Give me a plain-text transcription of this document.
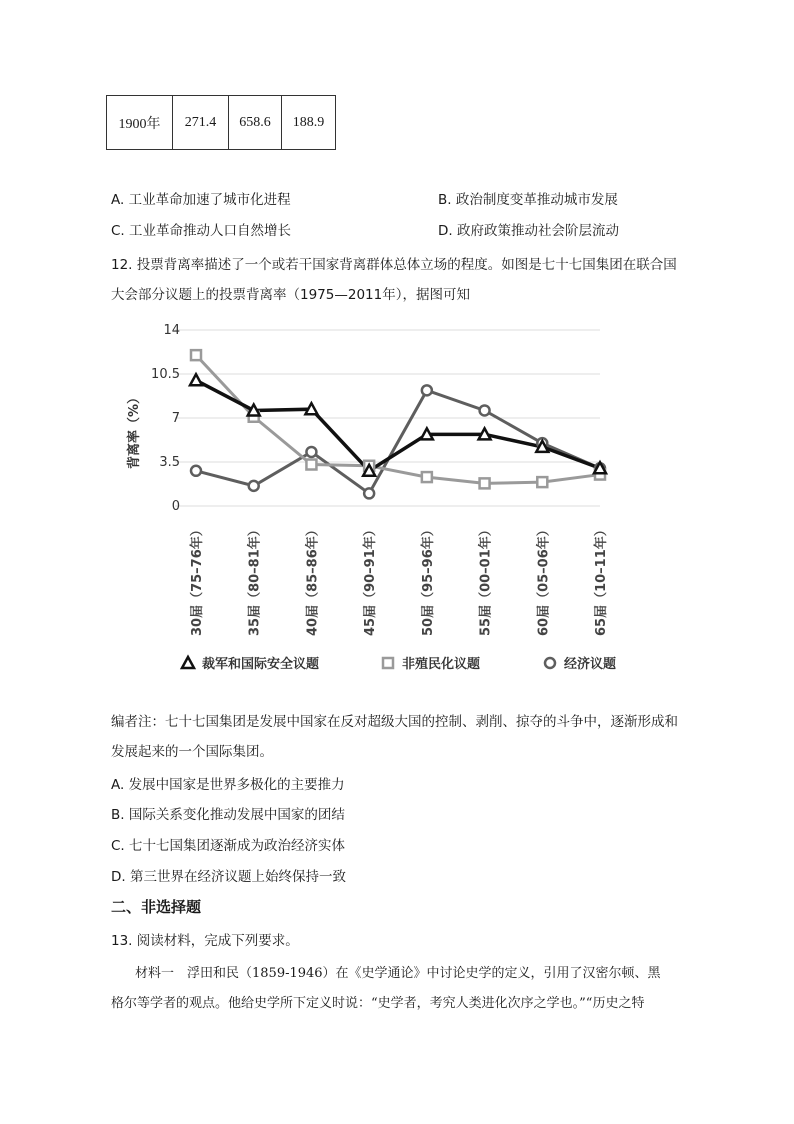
1900年	271.4	658.6	188.9
A. 工业革命加速了城市化进程	B. 政治制度变革推动城市发展
C. 工业革命推动人口自然增长	D. 政府政策推动社会阶层流动
12. 投票背离率描述了一个或若干国家背离群体总体立场的程度。如图是七十七国集团在联合国
大会部分议题上的投票背离率（1975—2011年），据图可知
背离率（%）
0
3.5
7
10.5
14
30届（75–76年）	35届（80–81年）	40届（85–86年）	45届（90–91年）	50届（95–96年）	55届（00–01年）	60届（05–06年）	65届（10–11年）
裁军和国际安全议题	非殖民化议题	经济议题
编者注：七十七国集团是发展中国家在反对超级大国的控制、剥削、掠夺的斗争中，逐渐形成和
发展起来的一个国际集团。
A. 发展中国家是世界多极化的主要推力
B. 国际关系变化推动发展中国家的团结
C. 七十七国集团逐渐成为政治经济实体
D. 第三世界在经济议题上始终保持一致
二、非选择题
13. 阅读材料，完成下列要求。
材料一　浮田和民（1859-1946）在《史学通论》中讨论史学的定义，引用了汉密尔顿、黑
格尔等学者的观点。他给史学所下定义时说：“史学者，考究人类进化次序之学也。”“历史之特
